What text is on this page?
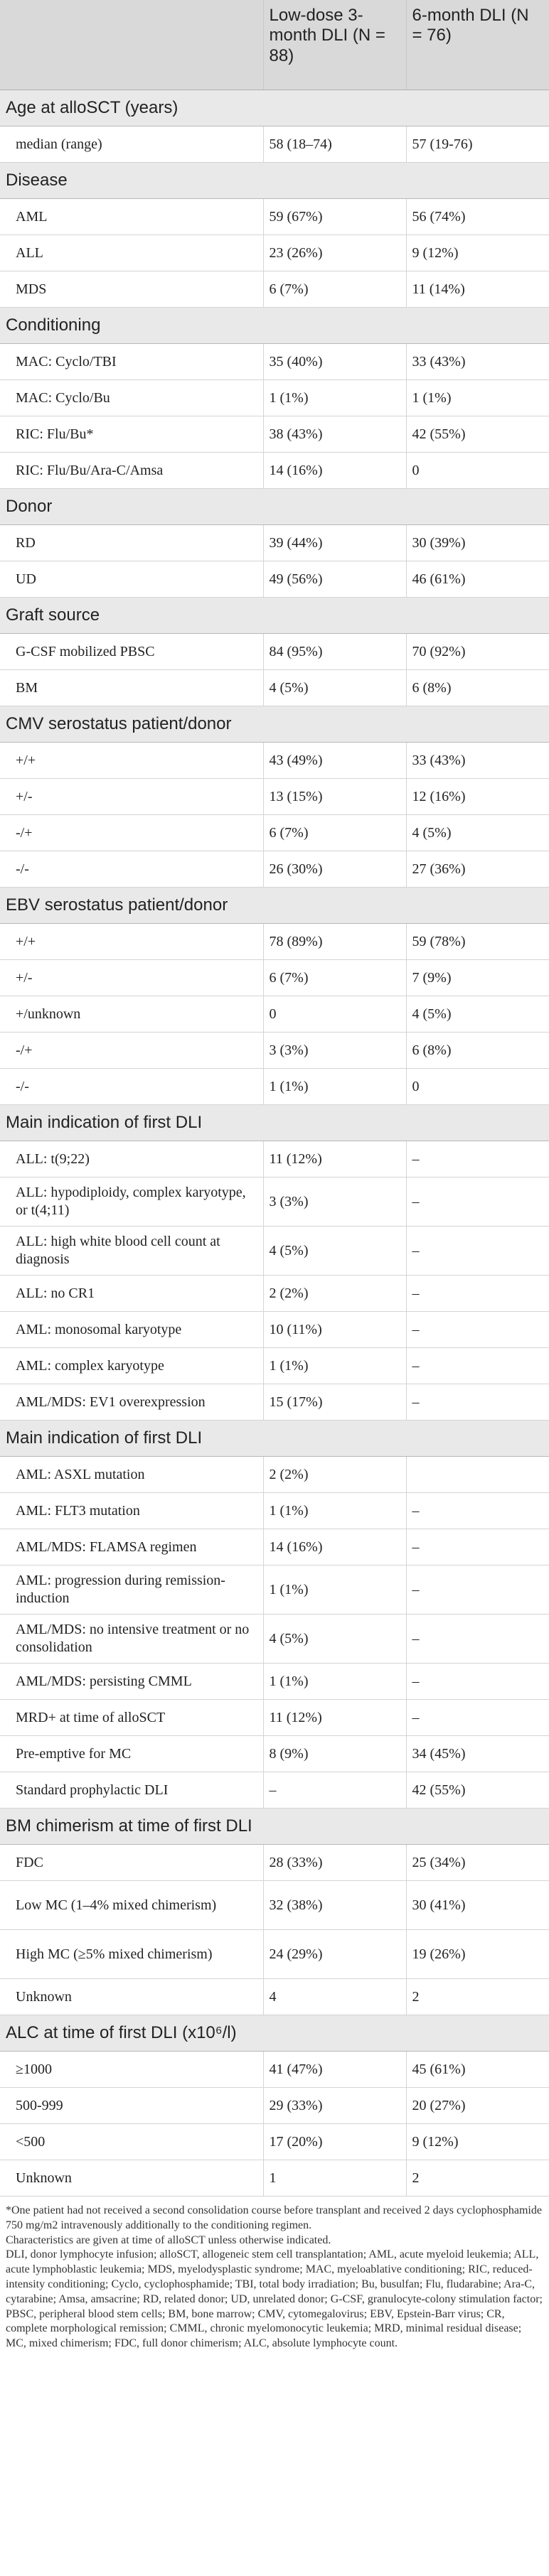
	Low-dose 3-month DLI (N = 88)	6-month DLI (N = 76)
Age at alloSCT (years)		
median (range)	58 (18–74)	57 (19-76)
Disease		
AML	59 (67%)	56 (74%)
ALL	23 (26%)	9 (12%)
MDS	6 (7%)	11 (14%)
Conditioning		
MAC: Cyclo/TBI	35 (40%)	33 (43%)
MAC: Cyclo/Bu	1 (1%)	1 (1%)
RIC: Flu/Bu*	38 (43%)	42 (55%)
RIC: Flu/Bu/Ara-C/Amsa	14 (16%)	0
Donor		
RD	39 (44%)	30 (39%)
UD	49 (56%)	46 (61%)
Graft source		
G-CSF mobilized PBSC	84 (95%)	70 (92%)
BM	4 (5%)	6 (8%)
CMV serostatus patient/donor		
+/+	43 (49%)	33 (43%)
+/-	13 (15%)	12 (16%)
-/+	6 (7%)	4 (5%)
-/-	26 (30%)	27 (36%)
EBV serostatus patient/donor		
+/+	78 (89%)	59 (78%)
+/-	6 (7%)	7 (9%)
+/unknown	0	4 (5%)
-/+	3 (3%)	6 (8%)
-/-	1 (1%)	0
Main indication of first DLI		
ALL: t(9;22)	11 (12%)	–
ALL: hypodiploidy, complex karyotype, or t(4;11)	3 (3%)	–
ALL: high white blood cell count at diagnosis	4 (5%)	–
ALL: no CR1	2 (2%)	–
AML: monosomal karyotype	10 (11%)	–
AML: complex karyotype	1 (1%)	–
AML/MDS: EV1 overexpression	15 (17%)	–
Main indication of first DLI		
AML: ASXL mutation	2 (2%)	
AML: FLT3 mutation	1 (1%)	–
AML/MDS: FLAMSA regimen	14 (16%)	–
AML: progression during remission-induction	1 (1%)	–
AML/MDS: no intensive treatment or no consolidation	4 (5%)	–
AML/MDS: persisting CMML	1 (1%)	–
MRD+ at time of alloSCT	11 (12%)	–
Pre-emptive for MC	8 (9%)	34 (45%)
Standard prophylactic DLI	–	42 (55%)
BM chimerism at time of first DLI		
FDC	28 (33%)	25 (34%)
Low MC (1–4% mixed chimerism)	32 (38%)	30 (41%)
High MC (≥5% mixed chimerism)	24 (29%)	19 (26%)
Unknown	4	2
ALC at time of first DLI (x10⁶/l)		
≥1000	41 (47%)	45 (61%)
500-999	29 (33%)	20 (27%)
<500	17 (20%)	9 (12%)
Unknown	1	2

*One patient had not received a second consolidation course before transplant and received 2 days cyclophosphamide 750 mg/m2 intravenously additionally to the conditioning regimen.

Characteristics are given at time of alloSCT unless otherwise indicated.

DLI, donor lymphocyte infusion; alloSCT, allogeneic stem cell transplantation; AML, acute myeloid leukemia; ALL, acute lymphoblastic leukemia; MDS, myelodysplastic syndrome; MAC, myeloablative conditioning; RIC, reduced-intensity conditioning; Cyclo, cyclophosphamide; TBI, total body irradiation; Bu, busulfan; Flu, fludarabine; Ara-C, cytarabine; Amsa, amsacrine; RD, related donor; UD, unrelated donor; G-CSF, granulocyte-colony stimulation factor; PBSC, peripheral blood stem cells; BM, bone marrow; CMV, cytomegalovirus; EBV, Epstein-Barr virus; CR, complete morphological remission; CMML, chronic myelomonocytic leukemia; MRD, minimal residual disease; MC, mixed chimerism; FDC, full donor chimerism; ALC, absolute lymphocyte count.
